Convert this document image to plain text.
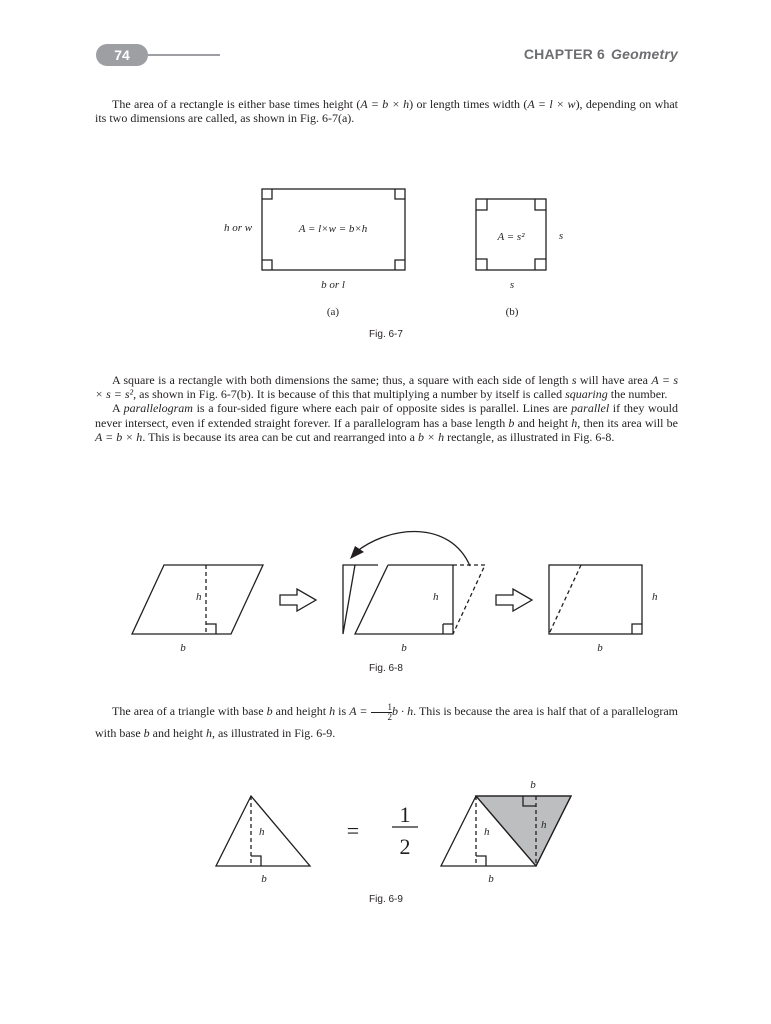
74	CHAPTER 6 Geometry

The area of a rectangle is either base times height (A = b × h) or length times width (A = l × w), depending on what its two dimensions are called, as shown in Fig. 6-7(a).

A = l×w = b×h
h or w
b or l
(a)
A = s²	s
s
(b)
Fig. 6-7
h
b
h
b
h
b
Fig. 6-8
h
b
=
1
2
h
h
b
b
Fig. 6-9

A square is a rectangle with both dimensions the same; thus, a square with each side of length s will have area A = s × s = s², as shown in Fig. 6-7(b). It is because of this that multiplying a number by itself is called squaring the number.

A parallelogram is a four-sided figure where each pair of opposite sides is parallel. Lines are parallel if they would never intersect, even if extended straight forever. If a parallelogram has a base length b and height h, then its area will be A = b × h. This is because its area can be cut and rearranged into a b × h rectangle, as illustrated in Fig. 6-8.

The area of a triangle with base b and height h is $A = \frac{1}{2}$ b · h. This is because the area is half that of a parallelogram with base b and height h, as illustrated in Fig. 6-9.
